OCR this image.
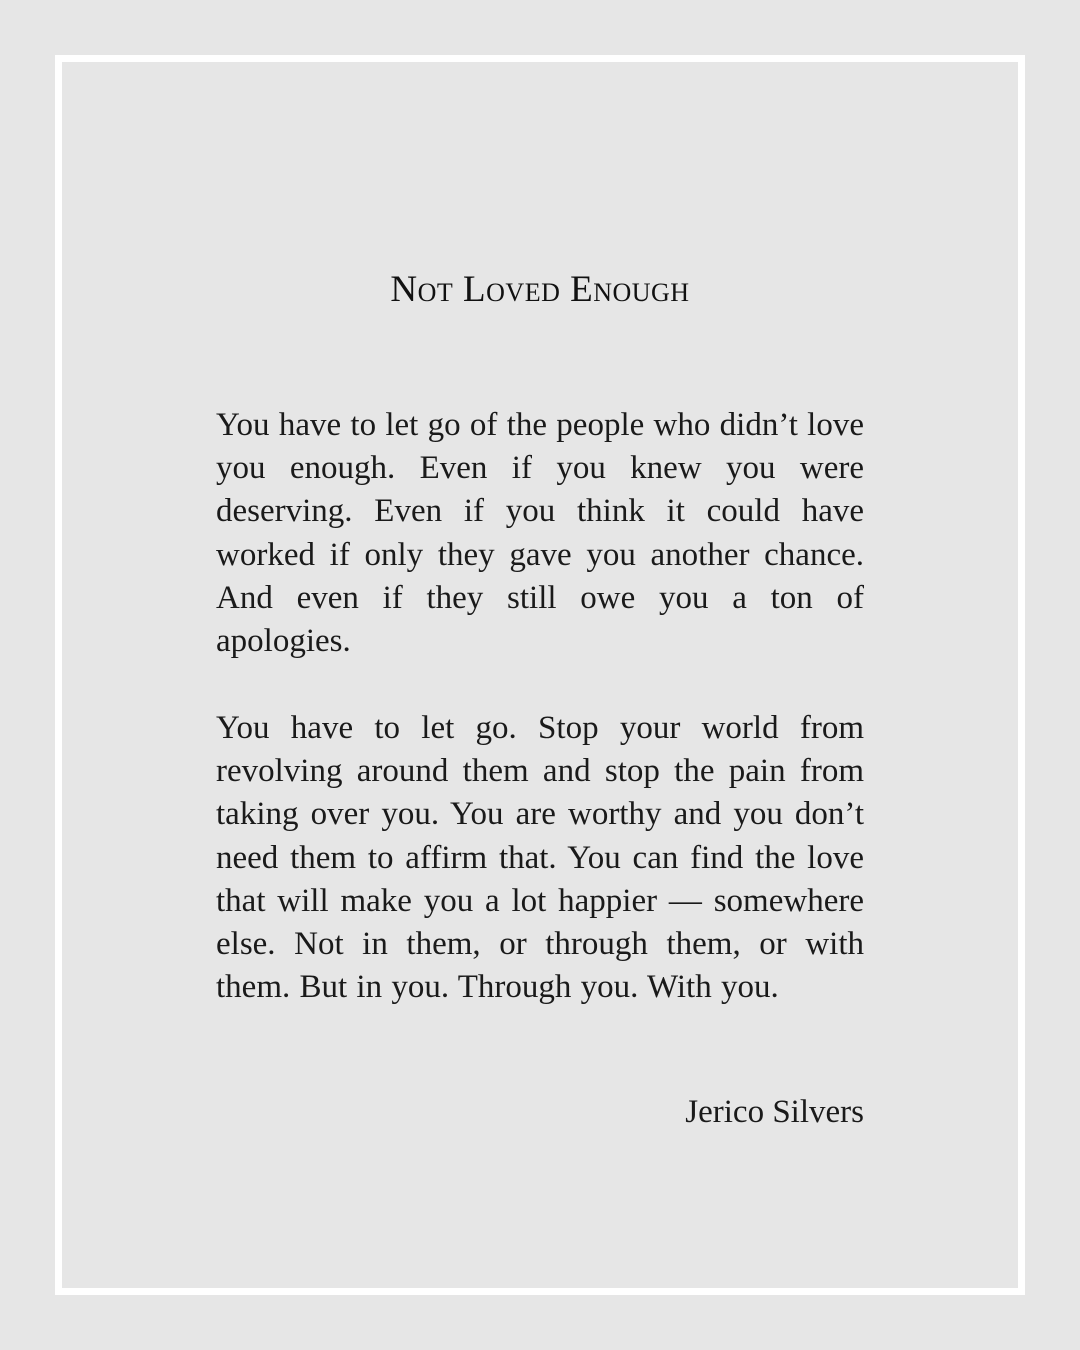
Not Loved Enough

You have to let go of the people who didn’t love you enough. Even if you knew you were deserving. Even if you think it could have worked if only they gave you another chance. And even if they still owe you a ton of apologies.

You have to let go. Stop your world from revolving around them and stop the pain from taking over you. You are worthy and you don’t need them to affirm that. You can find the love that will make you a lot happier — somewhere else. Not in them, or through them, or with them. But in you. Through you. With you.

Jerico Silvers
